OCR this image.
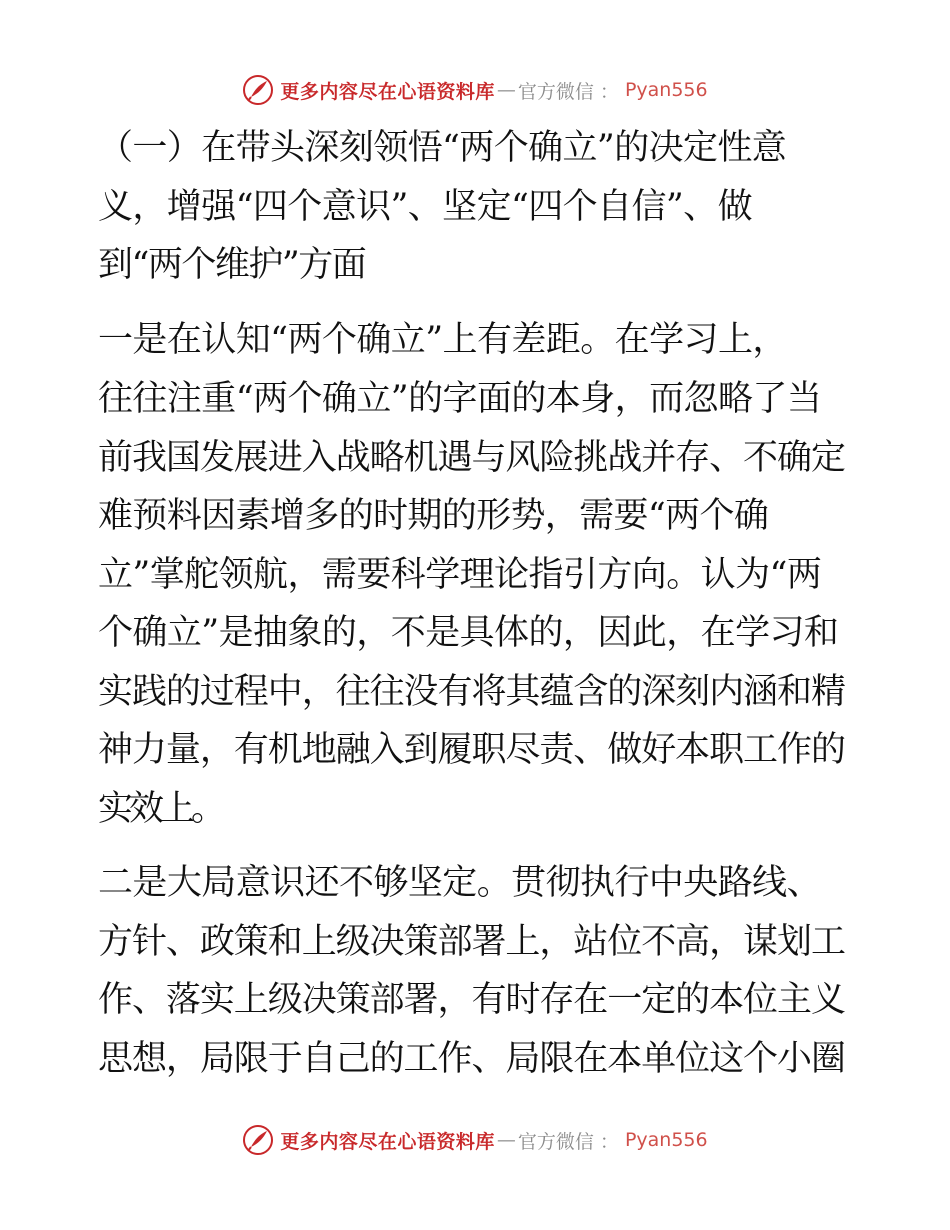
更多内容尽在心语资料库 — 官方微信 ： Pyan556
（一）在带头深刻领悟“两个确立”的决定性意
义，增强“四个意识”、坚定“四个自信”、做
到“两个维护”方面
一是在认知“两个确立”上有差距。在学习上，
往往注重“两个确立”的字面的本身，而忽略了当
前我国发展进入战略机遇与风险挑战并存、不确定
难预料因素增多的时期的形势，需要“两个确
立”掌舵领航，需要科学理论指引方向。认为“两
个确立”是抽象的，不是具体的，因此，在学习和
实践的过程中，往往没有将其蕴含的深刻内涵和精
神力量，有机地融入到履职尽责、做好本职工作的
实效上。
二是大局意识还不够坚定。贯彻执行中央路线、
方针、政策和上级决策部署上，站位不高，谋划工
作、落实上级决策部署，有时存在一定的本位主义
思想，局限于自己的工作、局限在本单位这个小圈
更多内容尽在心语资料库 — 官方微信 ： Pyan556
